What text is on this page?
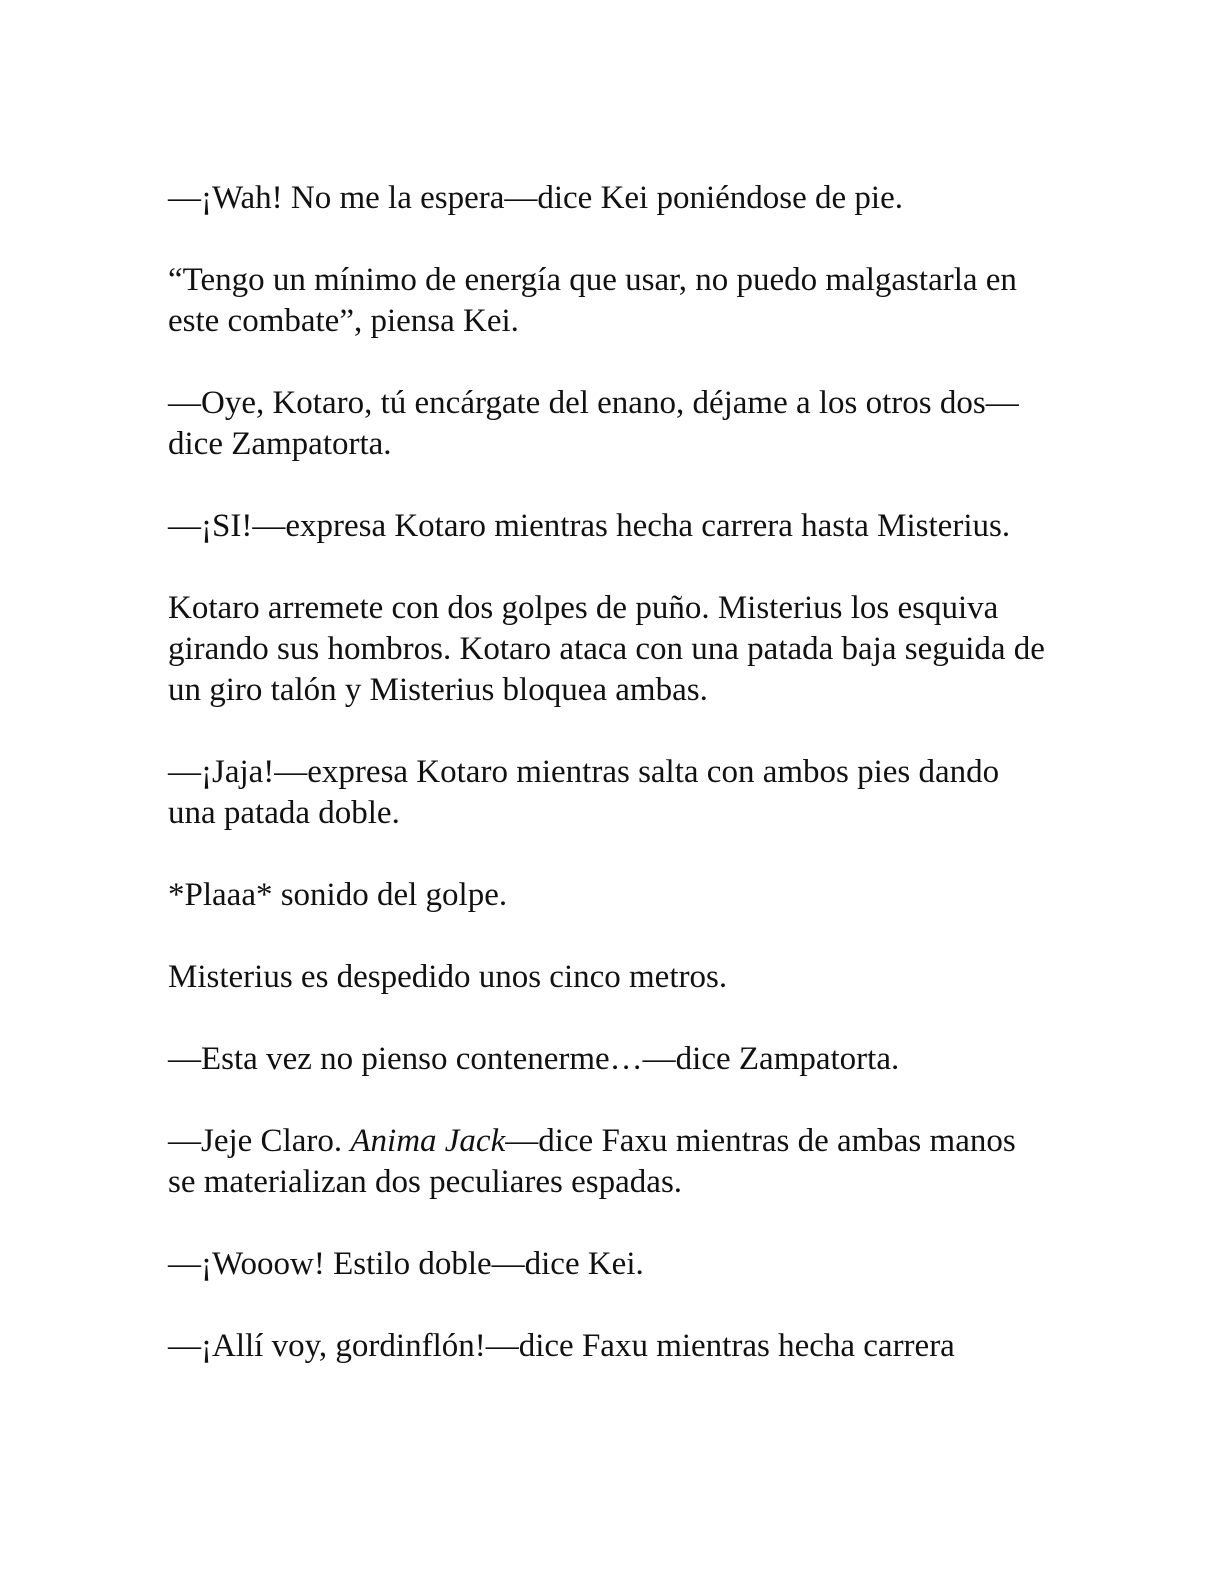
—¡Wah! No me la espera—dice Kei poniéndose de pie.

“Tengo un mínimo de energía que usar, no puedo malgastarla en este combate”, piensa Kei.

—Oye, Kotaro, tú encárgate del enano, déjame a los otros dos—dice Zampatorta.

—¡SI!—expresa Kotaro mientras hecha carrera hasta Misterius.

Kotaro arremete con dos golpes de puño. Misterius los esquiva girando sus hombros. Kotaro ataca con una patada baja seguida de un giro talón y Misterius bloquea ambas.

—¡Jaja!—expresa Kotaro mientras salta con ambos pies dando una patada doble.

*Plaaa* sonido del golpe.

Misterius es despedido unos cinco metros.

—Esta vez no pienso contenerme…—dice Zampatorta.

—Jeje Claro. Anima Jack—dice Faxu mientras de ambas manos se materializan dos peculiares espadas.

—¡Wooow! Estilo doble—dice Kei.

—¡Allí voy, gordinflón!—dice Faxu mientras hecha carrera
